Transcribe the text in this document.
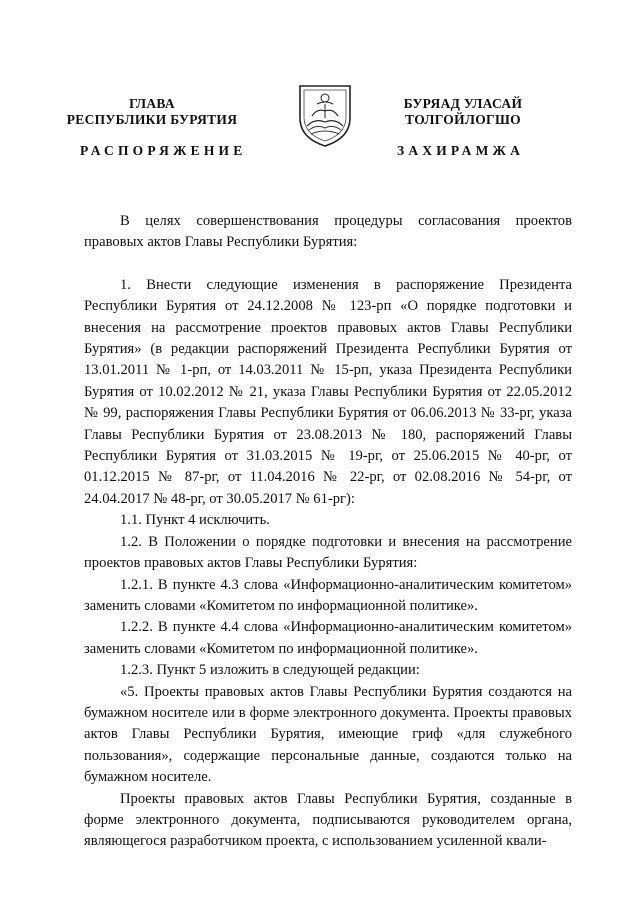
ГЛАВА
РЕСПУБЛИКИ БУРЯТИЯ
БУРЯАД УЛАСАЙ
ТОЛГОЙЛОГШО
РАСПОРЯЖЕНИЕ	ЗАХИРАМЖА

В целях совершенствования процедуры согласования проектов правовых актов Главы Республики Бурятия:

1. Внести следующие изменения в распоряжение Президента Республики Бурятия от 24.12.2008 № 123-рп «О порядке подготовки и внесения на рассмотрение проектов правовых актов Главы Республики Бурятия» (в редакции распоряжений Президента Республики Бурятия от 13.01.2011 № 1-рп, от 14.03.2011 № 15-рп, указа Президента Республики Бурятия от 10.02.2012 № 21, указа Главы Республики Бурятия от 22.05.2012 № 99, распоряжения Главы Республики Бурятия от 06.06.2013 № 33-рг, указа Главы Республики Бурятия от 23.08.2013 № 180, распоряжений Главы Республики Бурятия от 31.03.2015 № 19-рг, от 25.06.2015 № 40-рг, от 01.12.2015 № 87-рг, от 11.04.2016 № 22-рг, от 02.08.2016 № 54-рг, от 24.04.2017 № 48-рг, от 30.05.2017 № 61-рг):

1.1. Пункт 4 исключить.

1.2. В Положении о порядке подготовки и внесения на рассмотрение проектов правовых актов Главы Республики Бурятия:

1.2.1. В пункте 4.3 слова «Информационно-аналитическим комитетом» заменить словами «Комитетом по информационной политике».

1.2.2. В пункте 4.4 слова «Информационно-аналитическим комитетом» заменить словами «Комитетом по информационной политике».

1.2.3. Пункт 5 изложить в следующей редакции:

«5. Проекты правовых актов Главы Республики Бурятия создаются на бумажном носителе или в форме электронного документа. Проекты правовых актов Главы Республики Бурятия, имеющие гриф «для служебного пользования», содержащие персональные данные, создаются только на бумажном носителе.

Проекты правовых актов Главы Республики Бурятия, созданные в форме электронного документа, подписываются руководителем органа, являющегося разработчиком проекта, с использованием усиленной квали-
